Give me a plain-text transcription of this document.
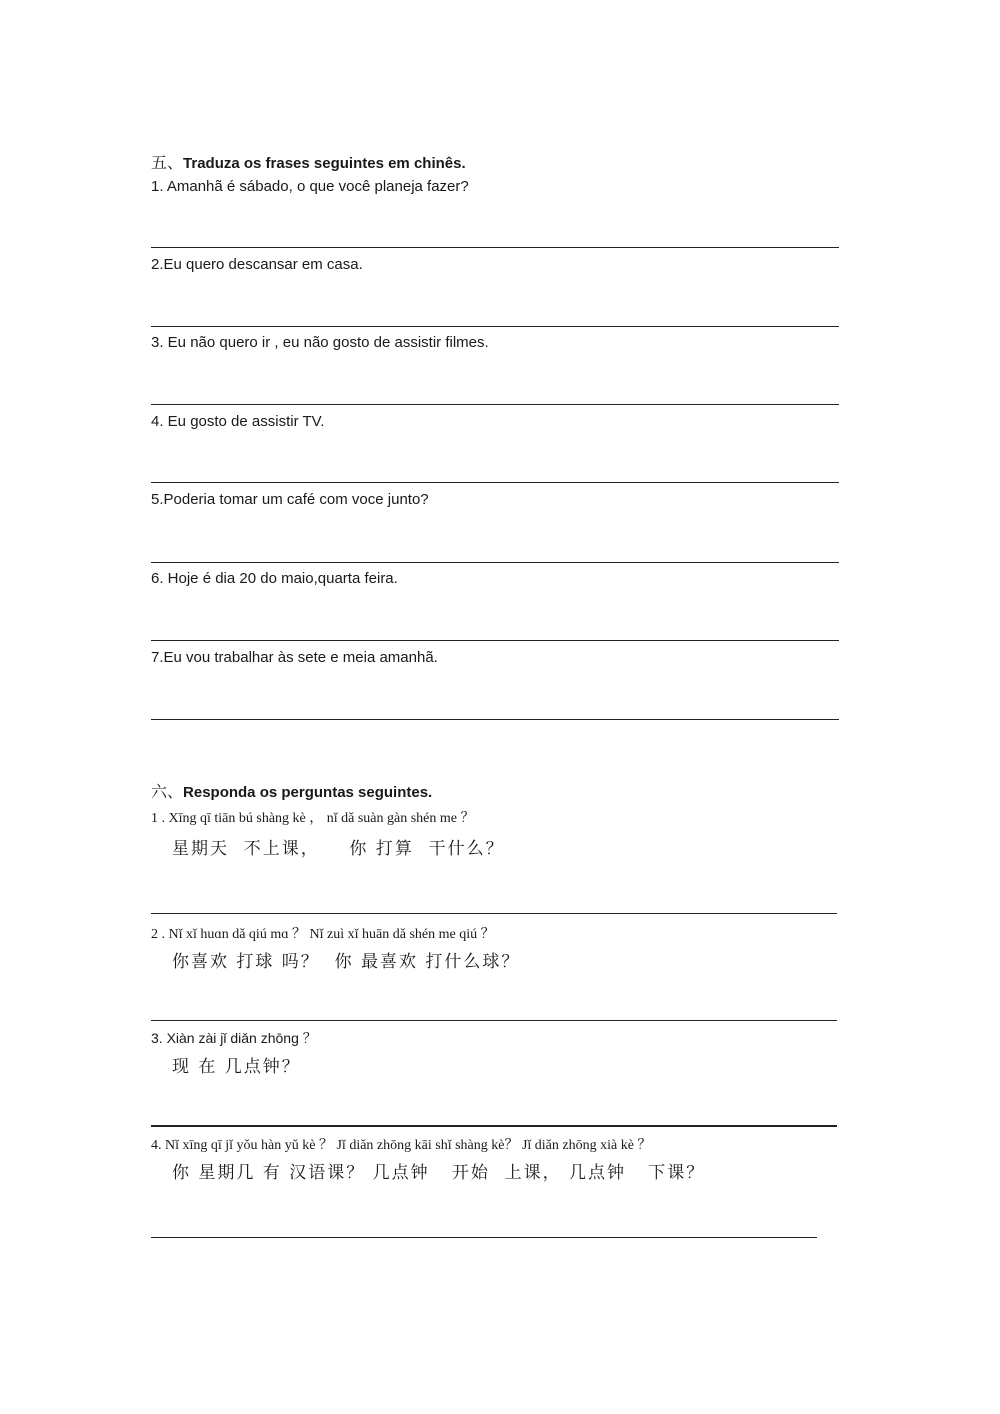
五、Traduza os frases seguintes em chinês.
1. Amanhã é sábado, o que você planeja fazer?
2.Eu quero descansar em casa.
3. Eu não quero ir , eu não gosto de assistir filmes.
4. Eu gosto de assistir TV.
5.Poderia tomar um café com voce junto?
6. Hoje é dia 20 do maio,quarta feira.
7.Eu vou trabalhar às sete e meia amanhã.
六、Responda os perguntas seguintes.
1 . Xīng qī tiān bú shàng kè ， nǐ dǎ suàn gàn shén me ？
星期天  不上课，    你 打算  干什么？
2 . Nǐ xǐ huɑn dǎ qiú mɑ ？ Nǐ zuì xǐ huān dǎ shén me qiú ？
你喜欢 打球 吗？  你 最喜欢 打什么球？
3. Xiàn zài jǐ diǎn zhōng ？
现 在 几点钟？
4. Nǐ xīng qī jǐ yǒu hàn yǔ kè ？ Jǐ diǎn zhōng kāi shǐ shàng kè？ Jǐ diǎn zhōng xià kè ？
你 星期几 有 汉语课？ 几点钟   开始  上课， 几点钟   下课？
